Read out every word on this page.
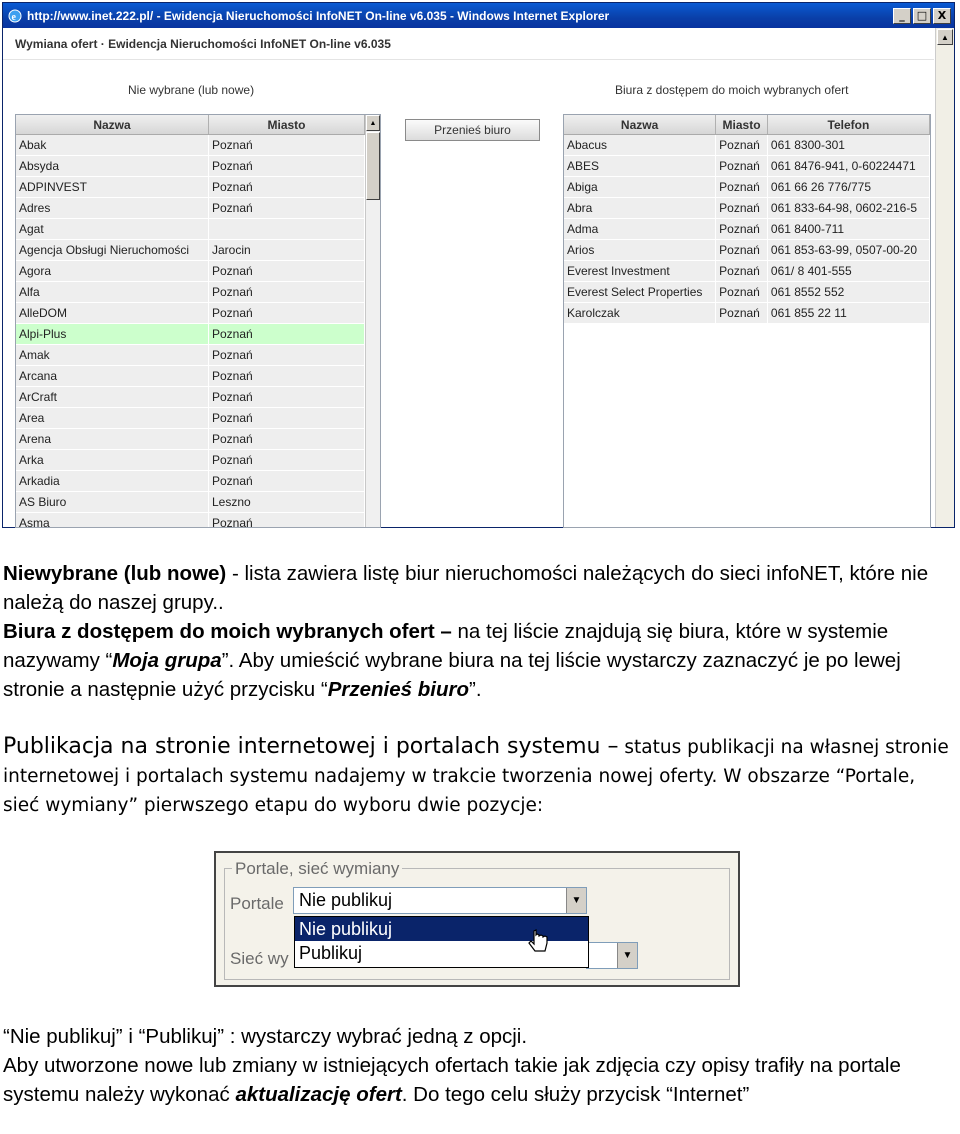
e http://www.inet.222.pl/ - Ewidencja Nieruchomości InfoNET On-line v6.035 - Windows Internet Explorer	_	□ X
Wymiana ofert · Ewidencja Nieruchomości InfoNET On-line v6.035	▲
Nie wybrane (lub nowe)	Biura z dostępem do moich wybranych ofert
Nazwa	Miasto
Abak	Poznań
Absyda	Poznań
ADPINVEST	Poznań
Adres	Poznań
Agat
Agencja Obsługi Nieruchomości	Jarocin
Agora	Poznań
Alfa	Poznań
AlleDOM	Poznań
Alpi-Plus	Poznań
Amak	Poznań
Arcana	Poznań
ArCraft	Poznań
Area	Poznań
Arena	Poznań
Arka	Poznań
Arkadia	Poznań
AS Biuro	Leszno
Asma	Poznań
▲	Przenieś biuro	Nazwa	Miasto	Telefon
Abacus	Poznań 061 8300-301
ABES	Poznań 061 8476-941, 0-60224471
Abiga	Poznań 061 66 26 776/775
Abra	Poznań 061 833-64-98, 0602-216-5
Adma	Poznań 061 8400-711
Arios	Poznań 061 853-63-99, 0507-00-20
Everest Investment	Poznań 061/ 8 401-555
Everest Select Properties	Poznań 061 8552 552
Karolczak	Poznań 061 855 22 11
Niewybrane (lub nowe) - lista zawiera listę biur nieruchomości należących do sieci infoNET, które nie należą do naszej grupy..
Biura z dostępem do moich wybranych ofert – na tej liście znajdują się biura, które w systemie nazywamy “Moja grupa”. Aby umieścić wybrane biura na tej liście wystarczy zaznaczyć je po lewej stronie a następnie użyć przycisku “Przenieś biuro”.
Publikacja na stronie internetowej i portalach systemu – status publikacji na własnej stronie internetowej i portalach systemu nadajemy w trakcie tworzenia nowej oferty. W obszarze “Portale, sieć wymiany” pierwszego etapu do wyboru dwie pozycje:
Portale, sieć wymiany
Portale Nie publikuj	▼
Sieć wy	▼
Nie publikuj
Publikuj
“Nie publikuj” i “Publikuj” : wystarczy wybrać jedną z opcji.
Aby utworzone nowe lub zmiany w istniejących ofertach takie jak zdjęcia czy opisy trafiły na portale systemu należy wykonać aktualizację ofert. Do tego celu służy przycisk “Internet”
